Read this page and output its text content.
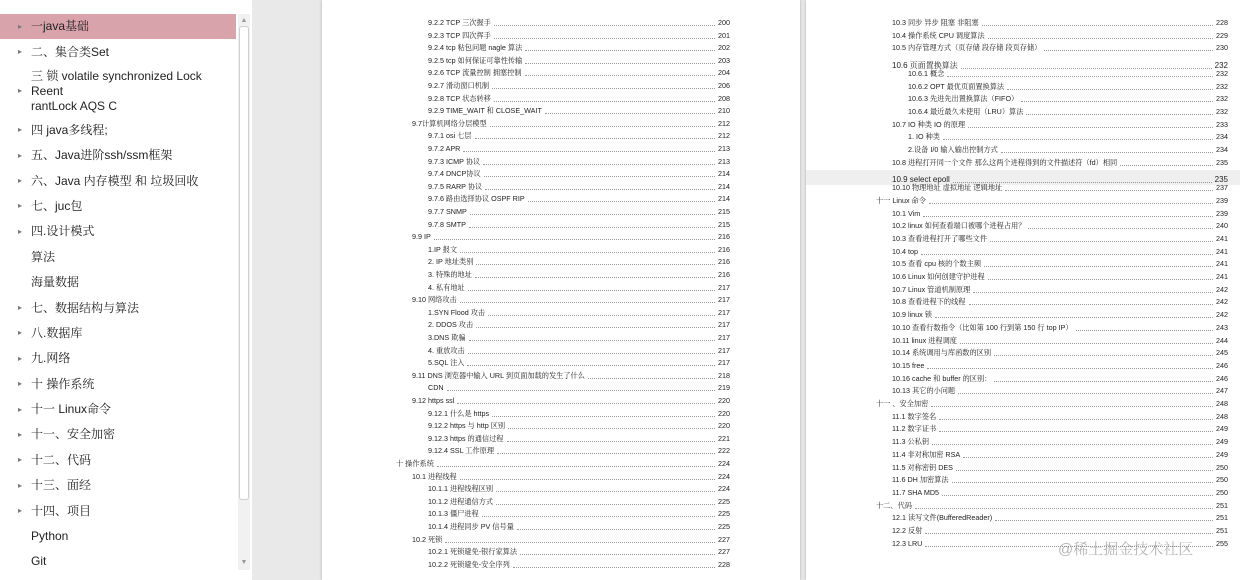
▸ 一java基础
▸ 二、集合类Set
▸
三 锁 volatile synchronized Lock Reent
rantLock AQS C
▸ 四 java多线程;
▸ 五、Java进阶ssh/ssm框架
▸ 六、Java 内存模型 和 垃圾回收
▸ 七、juc包
▸ 四.设计模式
算法
海量数据
▸ 七、数据结构与算法
▸ 八.数据库
▸ 九.网络
▸ 十 操作系统
▸ 十一 Linux命令
▸ 十一、安全加密
▸ 十二、代码
▸ 十三、面经
▸ 十四、项目
Python
Git
▲
▼
9.2.2 TCP 三次握手	200
9.2.3 TCP 四次挥手	201
9.2.4 tcp 粘包问题 nagle 算法	202
9.2.5 tcp 如何保证可靠性传输	203
9.2.6 TCP 流量控制 拥塞控制	204
9.2.7 滑动窗口机制	206
9.2.8 TCP 状态转移	208
9.2.9 TIME_WAIT 和 CLOSE_WAIT	210
9.7计算机网络分层模型	212
9.7.1 osi 七层	212
9.7.2 APR	213
9.7.3 ICMP 协议	213
9.7.4 DNCP协议	214
9.7.5 RARP 协议	214
9.7.6 路由选择协议 OSPF RIP	214
9.7.7 SNMP	215
9.7.8 SMTP	215
9.9 IP	216
1.IP 报文	216
2. IP 地址类别	216
3. 特殊的地址	216
4. 私有地址	217
9.10 网络攻击	217
1.SYN Flood 攻击	217
2. DDOS 攻击	217
3.DNS 欺骗	217
4. 重放攻击	217
5.SQL 注入	217
9.11 DNS 浏览器中输入 URL 到页面加载的发生了什么	218
CDN	219
9.12 https ssl	220
9.12.1 什么是 https	220
9.12.2 https 与 http 区别	220
9.12.3 https 的通信过程	221
9.12.4 SSL 工作原理	222
十 操作系统	224
10.1 进程线程	224
10.1.1 进程线程区别	224
10.1.2 进程通信方式	225
10.1.3 僵尸进程	225
10.1.4 进程同步 PV 信号量	225
10.2 死锁	227
10.2.1 死锁避免-银行家算法	227
10.2.2 死锁避免-安全序列	228
10.3 同步 异步 阻塞 非阻塞	228
10.4 操作系统 CPU 调度算法	229
10.5 内存管理方式（页存储 段存储 段页存储）	230
10.6 页面置换算法	232
10.6.1 概念	232
10.6.2 OPT 最优页面置换算法	232
10.6.3 先进先出置换算法（FIFO）	232
10.6.4 最近最久未使用（LRU）算法	232
10.7 IO 种类 IO 的原理	233
1. IO 种类	234
2.设备 I/0 输入输出控制方式	234
10.8 进程打开同一个文件 那么这两个进程得到的文件描述符（fd）相同	235
10.9 select epoll	235
10.10 物理地址 虚拟地址 逻辑地址	237
十一 Linux 命令	239
10.1 Vim	239
10.2 linux 如何查看端口被哪个进程占用？	240
10.3 查看进程打开了哪些文件	241
10.4 top	241
10.5 查看 cpu 核的个数主频	241
10.6 Linux 如何创建守护进程	241
10.7 Linux 管道机制原理	242
10.8 查看进程下的线程	242
10.9 linux 锁	242
10.10 查看行数指令（比如第 100 行到第 150 行 top IP）	243
10.11 linux 进程调度	244
10.14 系统调用与库函数的区别	245
10.15 free	246
10.16 cache 和 buffer 的区别：	246
10.13 其它的小问题	247
十一 、安全加密	248
11.1 数字签名	248
11.2 数字证书	249
11.3 公私钥	249
11.4 非对称加密 RSA	249
11.5 对称密钥 DES	250
11.6 DH 加密算法	250
11.7 SHA MD5	250
十二、代码	251
12.1 读写文件(BufferedReader)	251
12.2 反射	251
12.3 LRU	255
@稀土掘金技术社区
